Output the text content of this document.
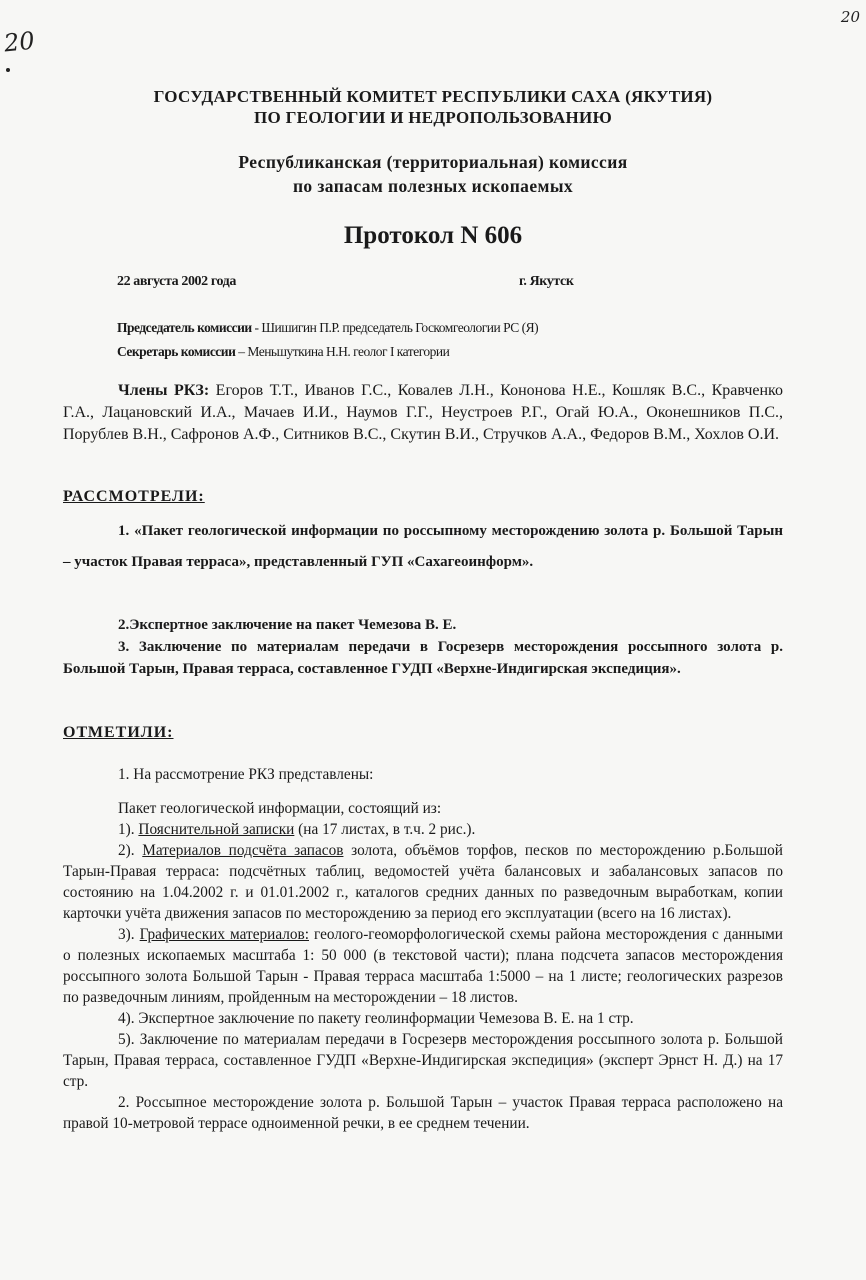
20
20
ГОСУДАРСТВЕННЫЙ КОМИТЕТ РЕСПУБЛИКИ САХА (ЯКУТИЯ)
ПО ГЕОЛОГИИ И НЕДРОПОЛЬЗОВАНИЮ
Республиканская (территориальная) комиссия
по запасам полезных ископаемых
Протокол N 606
22 августа 2002 года	г. Якутск
Председатель комиссии - Шишигин П.Р. председатель Госкомгеологии РС (Я)
Секретарь комиссии – Меньшуткина Н.Н. геолог I категории
Члены РКЗ: Егоров Т.Т., Иванов Г.С., Ковалев Л.Н., Кононова Н.Е., Кошляк В.С., Кравченко Г.А., Лацановский И.А., Мачаев И.И., Наумов Г.Г., Неустроев Р.Г., Огай Ю.А., Оконешников П.С., Порублев В.Н., Сафронов А.Ф., Ситников В.С., Скутин В.И., Стручков А.А., Федоров В.М., Хохлов О.И.
РАССМОТРЕЛИ:
1. «Пакет геологической информации по россыпному месторождению золота р. Большой Тарын – участок Правая терраса», представленный ГУП «Сахагеоинформ».
2.Экспертное заключение на пакет Чемезова В. Е.
3. Заключение по материалам передачи в Госрезерв месторождения россыпного золота р. Большой Тарын, Правая терраса, составленное ГУДП «Верхне-Индигирская экспедиция».
ОТМЕТИЛИ:
1. На рассмотрение РКЗ представлены:
Пакет геологической информации, состоящий из:

1). Пояснительной записки (на 17 листах, в т.ч. 2 рис.).

2). Материалов подсчёта запасов золота, объёмов торфов, песков по месторождению р.Большой Тарын-Правая терраса: подсчётных таблиц, ведомостей учёта балансовых и забалансовых запасов по состоянию на 1.04.2002 г. и 01.01.2002 г., каталогов средних данных по разведочным выработкам, копии карточки учёта движения запасов по месторождению за период его эксплуатации (всего на 16 листах).

3). Графических материалов: геолого-геоморфологической схемы района месторождения с данными о полезных ископаемых масштаба 1: 50 000 (в текстовой части); плана подсчета запасов месторождения россыпного золота Большой Тарын - Правая терраса масштаба 1:5000 – на 1 листе; геологических разрезов по разведочным линиям, пройденным на месторождении – 18 листов.

4). Экспертное заключение по пакету геолинформации Чемезова В. Е. на 1 стр.

5). Заключение по материалам передачи в Госрезерв месторождения россыпного золота р. Большой Тарын, Правая терраса, составленное ГУДП «Верхне-Индигирская экспедиция» (эксперт Эрнст Н. Д.) на 17 стр.

2. Россыпное месторождение золота р. Большой Тарын – участок Правая терраса расположено на правой 10-метровой террасе одноименной речки, в ее среднем течении.
